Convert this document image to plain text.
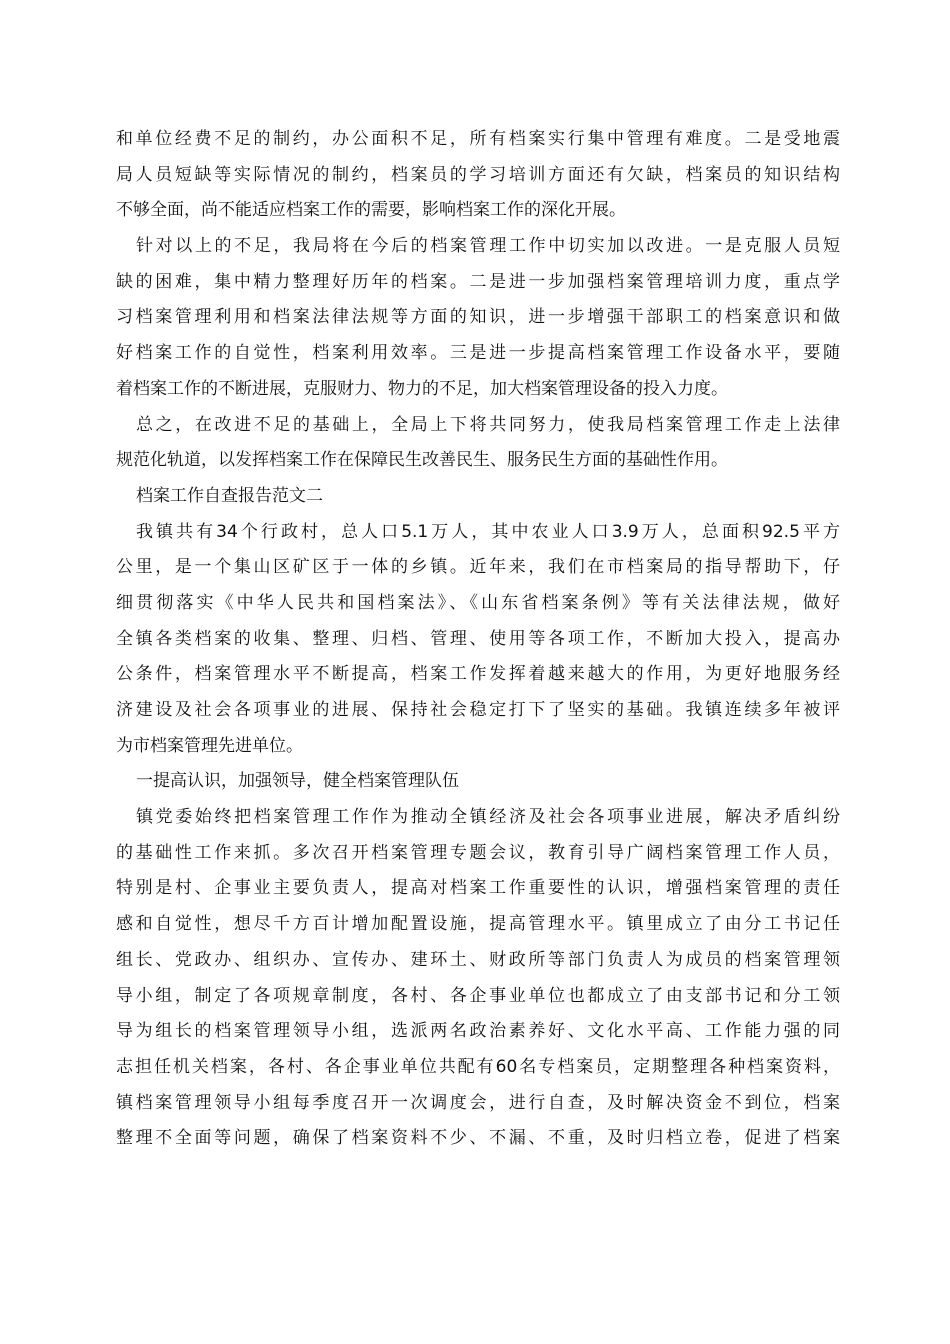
和单位经费不足的制约，办公面积不足，所有档案实行集中管理有难度。二是受地震
局人员短缺等实际情况的制约，档案员的学习培训方面还有欠缺，档案员的知识结构
不够全面，尚不能适应档案工作的需要，影响档案工作的深化开展。
针对以上的不足，我局将在今后的档案管理工作中切实加以改进。一是克服人员短
缺的困难，集中精力整理好历年的档案。二是进一步加强档案管理培训力度，重点学
习档案管理利用和档案法律法规等方面的知识，进一步增强干部职工的档案意识和做
好档案工作的自觉性，档案利用效率。三是进一步提高档案管理工作设备水平，要随
着档案工作的不断进展，克服财力、物力的不足，加大档案管理设备的投入力度。
总之，在改进不足的基础上，全局上下将共同努力，使我局档案管理工作走上法律
规范化轨道，以发挥档案工作在保障民生改善民生、服务民生方面的基础性作用。
档案工作自查报告范文二
我镇共有34个行政村，总人口5.1万人，其中农业人口3.9万人，总面积92.5平方
公里，是一个集山区矿区于一体的乡镇。近年来，我们在市档案局的指导帮助下，仔
细贯彻落实《中华人民共和国档案法》、《山东省档案条例》等有关法律法规，做好
全镇各类档案的收集、整理、归档、管理、使用等各项工作，不断加大投入，提高办
公条件，档案管理水平不断提高，档案工作发挥着越来越大的作用，为更好地服务经
济建设及社会各项事业的进展、保持社会稳定打下了坚实的基础。我镇连续多年被评
为市档案管理先进单位。
一提高认识，加强领导，健全档案管理队伍
镇党委始终把档案管理工作作为推动全镇经济及社会各项事业进展，解决矛盾纠纷
的基础性工作来抓。多次召开档案管理专题会议，教育引导广阔档案管理工作人员，
特别是村、企事业主要负责人，提高对档案工作重要性的认识，增强档案管理的责任
感和自觉性，想尽千方百计增加配置设施，提高管理水平。镇里成立了由分工书记任
组长、党政办、组织办、宣传办、建环土、财政所等部门负责人为成员的档案管理领
导小组，制定了各项规章制度，各村、各企事业单位也都成立了由支部书记和分工领
导为组长的档案管理领导小组，选派两名政治素养好、文化水平高、工作能力强的同
志担任机关档案，各村、各企事业单位共配有60名专档案员，定期整理各种档案资料，
镇档案管理领导小组每季度召开一次调度会，进行自查，及时解决资金不到位，档案
整理不全面等问题，确保了档案资料不少、不漏、不重，及时归档立卷，促进了档案
